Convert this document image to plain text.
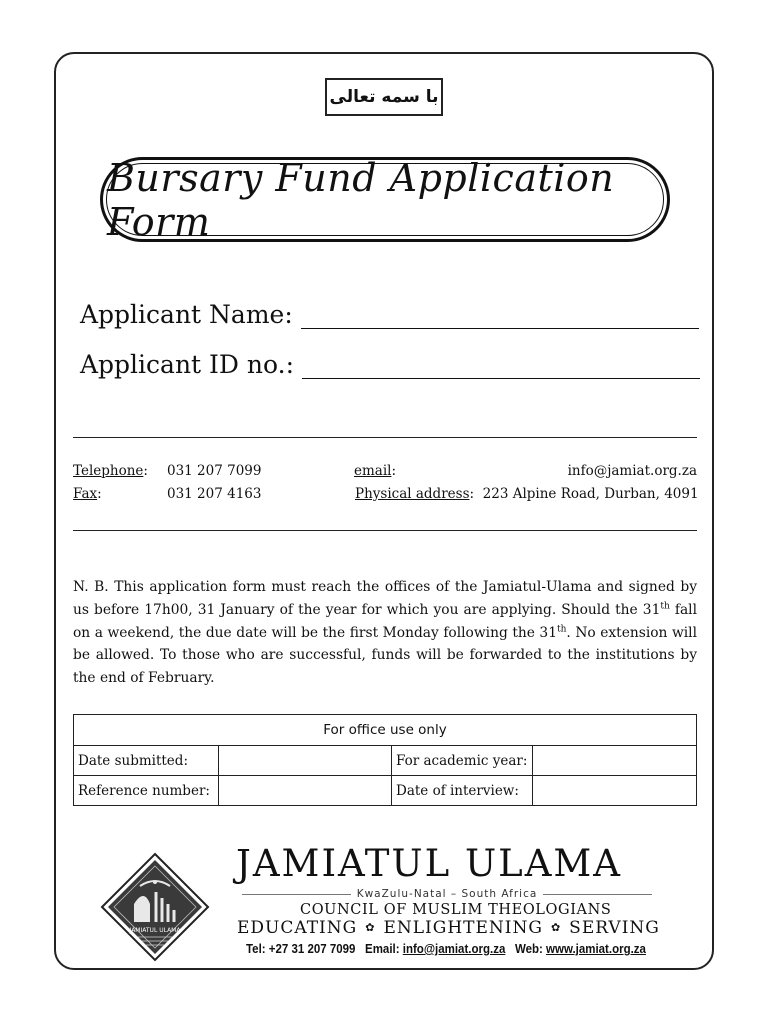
با سمه تعالى
Bursary Fund Application Form
Applicant Name:
Applicant ID no.:
Telephone: 031 207 7099	email:	info@jamiat.org.za
Fax:	031 207 4163	Physical address:  223 Alpine Road, Durban, 4091
N. B. This application form must reach the offices of the Jamiatul-Ulama and signed by us before 17h00, 31 January of the year for which you are applying. Should the 31th fall on a weekend, the due date will be the first Monday following the 31th. No extension will be allowed. To those who are successful, funds will be forwarded to the institutions by the end of February.
For office use only			
Date submitted:		For academic year:	
Reference number:		Date of interview:	
JAMIATUL ULAMA
JAMIATUL ULAMA
KwaZulu-Natal – South Africa
COUNCIL OF MUSLIM THEOLOGIANS
EDUCATING ✿ ENLIGHTENING ✿ SERVING
Tel: +27 31 207 7099 Email: info@jamiat.org.za Web: www.jamiat.org.za
